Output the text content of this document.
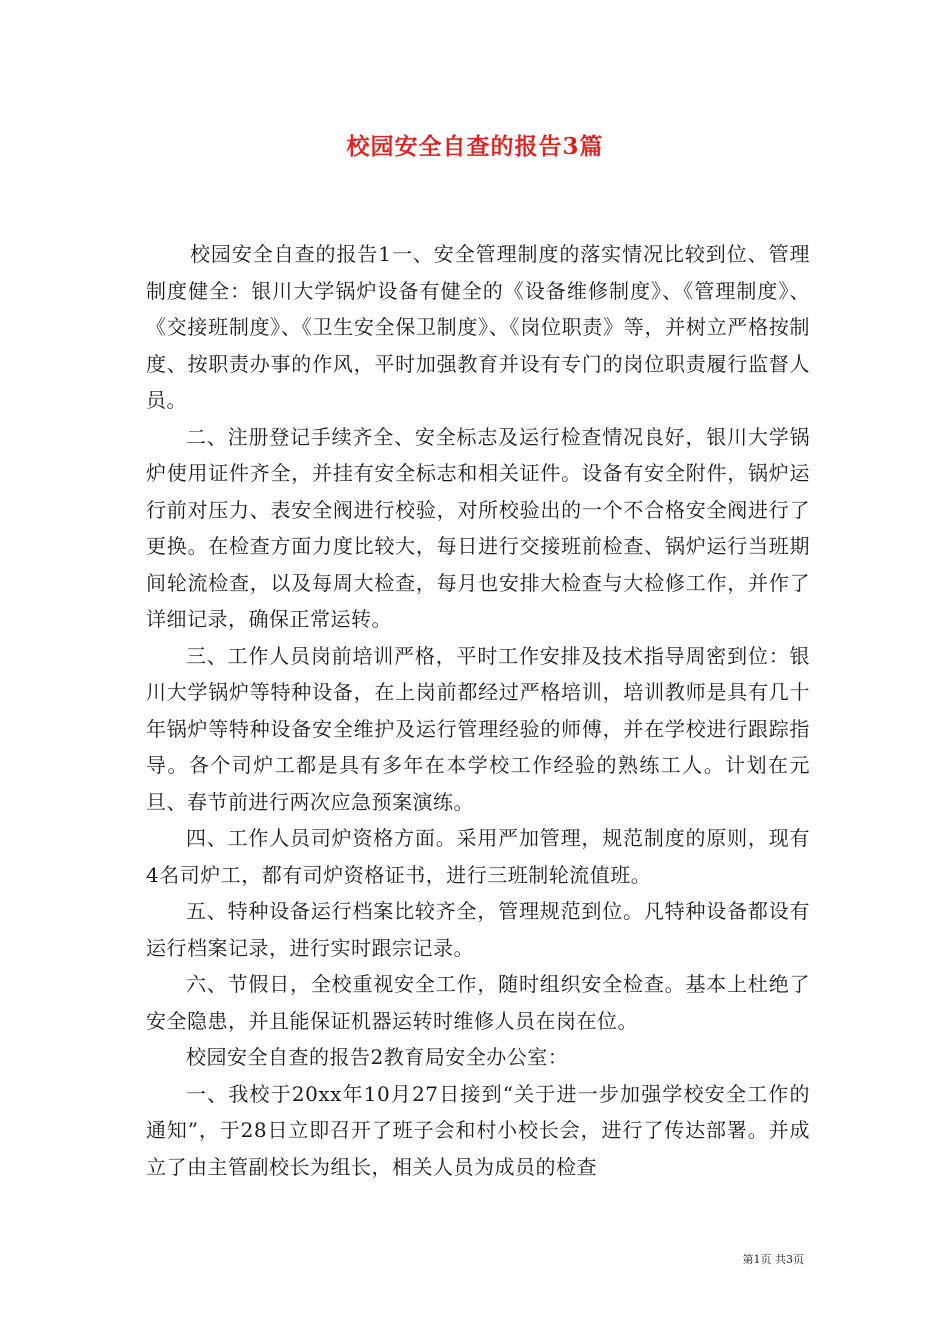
校园安全自查的报告3篇

校园安全自查的报告1一、安全管理制度的落实情况比较到位、管理制度健全：银川大学锅炉设备有健全的《设备维修制度》、《管理制度》、《交接班制度》、《卫生安全保卫制度》、《岗位职责》等，并树立严格按制度、按职责办事的作风，平时加强教育并设有专门的岗位职责履行监督人员。

二、注册登记手续齐全、安全标志及运行检查情况良好，银川大学锅炉使用证件齐全，并挂有安全标志和相关证件。设备有安全附件，锅炉运行前对压力、表安全阀进行校验，对所校验出的一个不合格安全阀进行了更换。在检查方面力度比较大，每日进行交接班前检查、锅炉运行当班期间轮流检查，以及每周大检查，每月也安排大检查与大检修工作，并作了详细记录，确保正常运转。

三、工作人员岗前培训严格，平时工作安排及技术指导周密到位：银川大学锅炉等特种设备，在上岗前都经过严格培训，培训教师是具有几十年锅炉等特种设备安全维护及运行管理经验的师傅，并在学校进行跟踪指导。各个司炉工都是具有多年在本学校工作经验的熟练工人。计划在元旦、春节前进行两次应急预案演练。

四、工作人员司炉资格方面。采用严加管理，规范制度的原则，现有4名司炉工，都有司炉资格证书，进行三班制轮流值班。

五、特种设备运行档案比较齐全，管理规范到位。凡特种设备都设有运行档案记录，进行实时跟宗记录。

六、节假日，全校重视安全工作，随时组织安全检查。基本上杜绝了安全隐患，并且能保证机器运转时维修人员在岗在位。

校园安全自查的报告2教育局安全办公室：

一、我校于20xx年10月27日接到“关于进一步加强学校安全工作的通知”，于28日立即召开了班子会和村小校长会，进行了传达部署。并成立了由主管副校长为组长，相关人员为成员的检查

第1页 共3页
